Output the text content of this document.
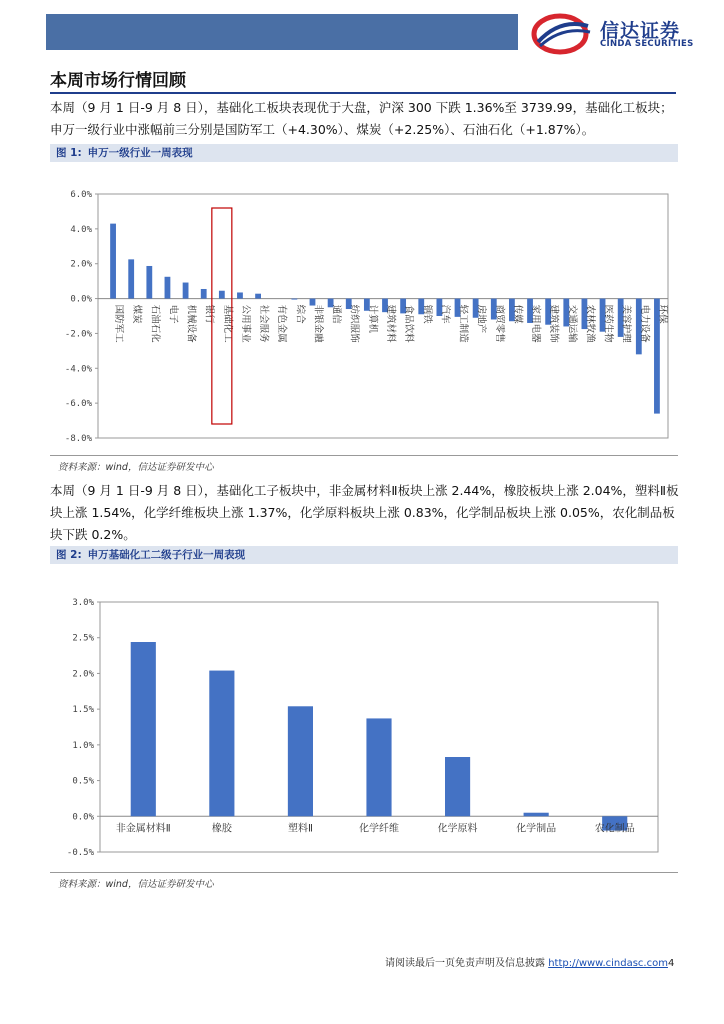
信达证券
CINDA SECURITIES
本周市场行情回顾
本周（9 月 1 日-9 月 8 日），基础化工板块表现优于大盘，沪深 300 下跌 1.36%至 3739.99，基础化工板块；申万一级行业中涨幅前三分别是国防军工（+4.30%）、煤炭（+2.25%）、石油石化（+1.87%）。
图 1: 申万一级行业一周表现
6.0%
4.0%
2.0%
0.0%
-2.0%
-4.0%
-6.0%
-8.0%
国防军工 煤炭 石油石化 电子 机械设备 银行 基础化工 公用事业 社会服务 有色金属 综合 非银金融 通信 纺织服饰 计算机 建筑材料 食品饮料 钢铁 汽车 轻工制造 房地产 商贸零售 传媒 家用电器 建筑装饰 交通运输 农林牧渔 医药生物 美容护理 电力设备 环保
资料来源：wind，信达证券研发中心
本周（9 月 1 日-9 月 8 日），基础化工子板块中，非金属材料Ⅱ板块上涨 2.44%，橡胶板块上涨 2.04%，塑料Ⅱ板块上涨 1.54%，化学纤维板块上涨 1.37%，化学原料板块上涨 0.83%，化学制品板块上涨 0.05%，农化制品板块下跌 0.2%。
图 2: 申万基础化工二级子行业一周表现
3.0%
2.5%
2.0%
1.5%
1.0%
0.5%
0.0%
-0.5%
非金属材料Ⅱ	橡胶	塑料Ⅱ	化学纤维	化学原料	化学制品	农化制品
资料来源：wind，信达证券研发中心
请阅读最后一页免责声明及信息披露 http://www.cindasc.com4
